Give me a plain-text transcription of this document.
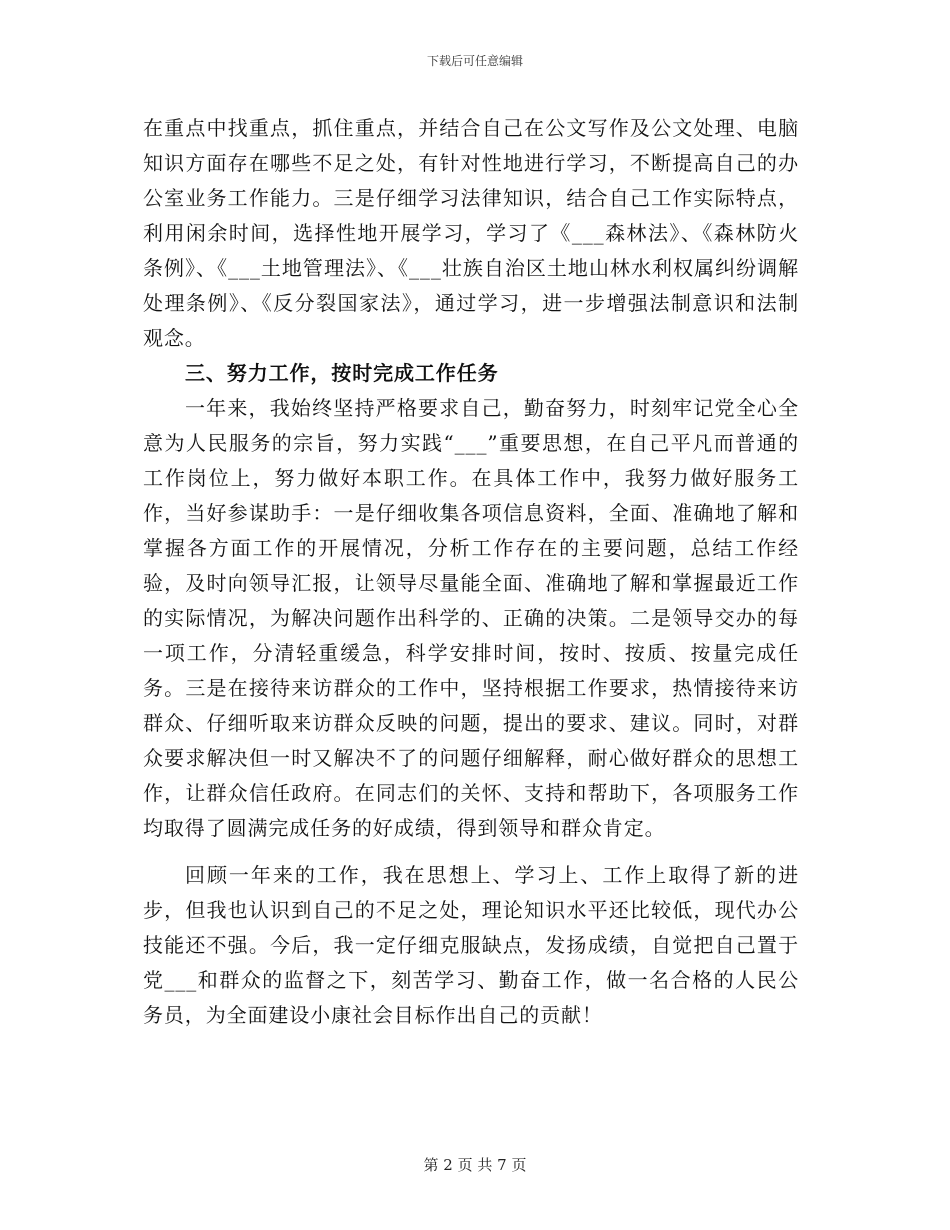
下载后可任意编辑

在重点中找重点，抓住重点，并结合自己在公文写作及公文处理、电脑知识方面存在哪些不足之处，有针对性地进行学习，不断提高自己的办公室业务工作能力。三是仔细学习法律知识，结合自己工作实际特点，利用闲余时间，选择性地开展学习，学习了《___森林法》、《森林防火条例》、《___土地管理法》、《___壮族自治区土地山林水利权属纠纷调解处理条例》、《反分裂国家法》，通过学习，进一步增强法制意识和法制观念。

三、努力工作，按时完成工作任务

一年来，我始终坚持严格要求自己，勤奋努力，时刻牢记党全心全意为人民服务的宗旨，努力实践“___”重要思想，在自己平凡而普通的工作岗位上，努力做好本职工作。在具体工作中，我努力做好服务工作，当好参谋助手：一是仔细收集各项信息资料，全面、准确地了解和掌握各方面工作的开展情况，分析工作存在的主要问题，总结工作经验，及时向领导汇报，让领导尽量能全面、准确地了解和掌握最近工作的实际情况，为解决问题作出科学的、正确的决策。二是领导交办的每一项工作，分清轻重缓急，科学安排时间，按时、按质、按量完成任务。三是在接待来访群众的工作中，坚持根据工作要求，热情接待来访群众、仔细听取来访群众反映的问题，提出的要求、建议。同时，对群众要求解决但一时又解决不了的问题仔细解释，耐心做好群众的思想工作，让群众信任政府。在同志们的关怀、支持和帮助下，各项服务工作均取得了圆满完成任务的好成绩，得到领导和群众肯定。

回顾一年来的工作，我在思想上、学习上、工作上取得了新的进步，但我也认识到自己的不足之处，理论知识水平还比较低，现代办公技能还不强。今后，我一定仔细克服缺点，发扬成绩，自觉把自己置于党___和群众的监督之下，刻苦学习、勤奋工作，做一名合格的人民公务员，为全面建设小康社会目标作出自己的贡献！

第 2 页 共 7 页
